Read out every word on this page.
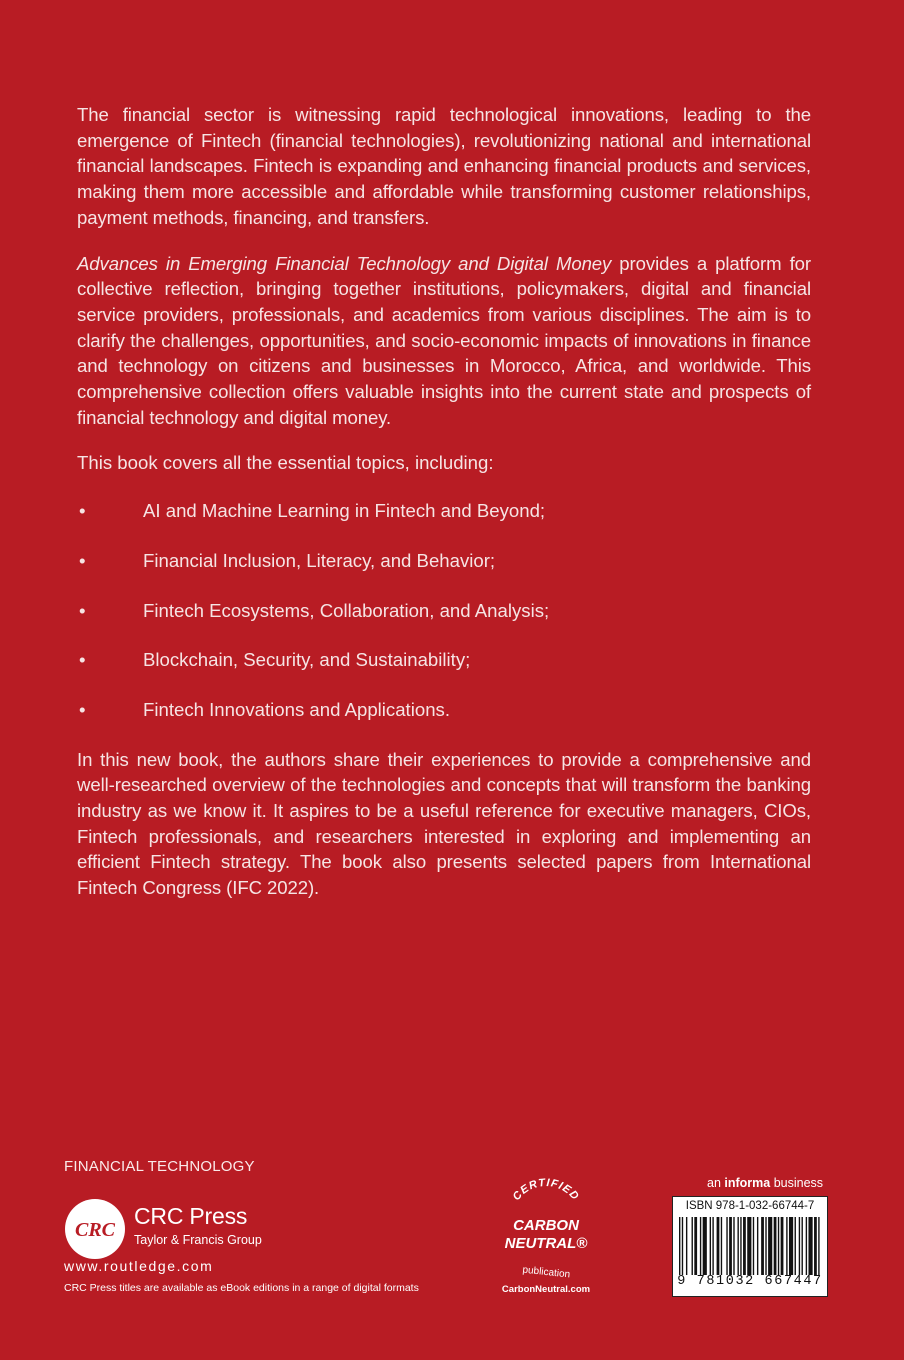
The financial sector is witnessing rapid technological innovations, leading to the emergence of Fintech (financial technologies), revolutionizing national and international financial landscapes. Fintech is expanding and enhancing financial products and services, making them more accessible and affordable while transforming customer relationships, payment methods, financing, and transfers.

Advances in Emerging Financial Technology and Digital Money provides a platform for collective reflection, bringing together institutions, policymakers, digital and financial service providers, professionals, and academics from various disciplines. The aim is to clarify the challenges, opportunities, and socio-economic impacts of innovations in finance and technology on citizens and businesses in Morocco, Africa, and worldwide. This comprehensive collection offers valuable insights into the current state and prospects of financial technology and digital money.

This book covers all the essential topics, including:

•	AI and Machine Learning in Fintech and Beyond;
•	Financial Inclusion, Literacy, and Behavior;
•	Fintech Ecosystems, Collaboration, and Analysis;
•	Blockchain, Security, and Sustainability;
•	Fintech Innovations and Applications.

In this new book, the authors share their experiences to provide a comprehensive and well-researched overview of the technologies and concepts that will transform the banking industry as we know it. It aspires to be a useful reference for executive managers, CIOs, Fintech professionals, and researchers interested in exploring and implementing an efficient Fintech strategy. The book also presents selected papers from International Fintech Congress (IFC 2022).

FINANCIAL TECHNOLOGY
CRC
CRC Press
Taylor & Francis Group
www.routledge.com
CRC Press titles are available as eBook editions in a range of digital formats
CERTIFIED
CARBON
NEUTRAL®
publication
CarbonNeutral.com
an informa business
ISBN 978-1-032-66744-7
9 781032 667447
